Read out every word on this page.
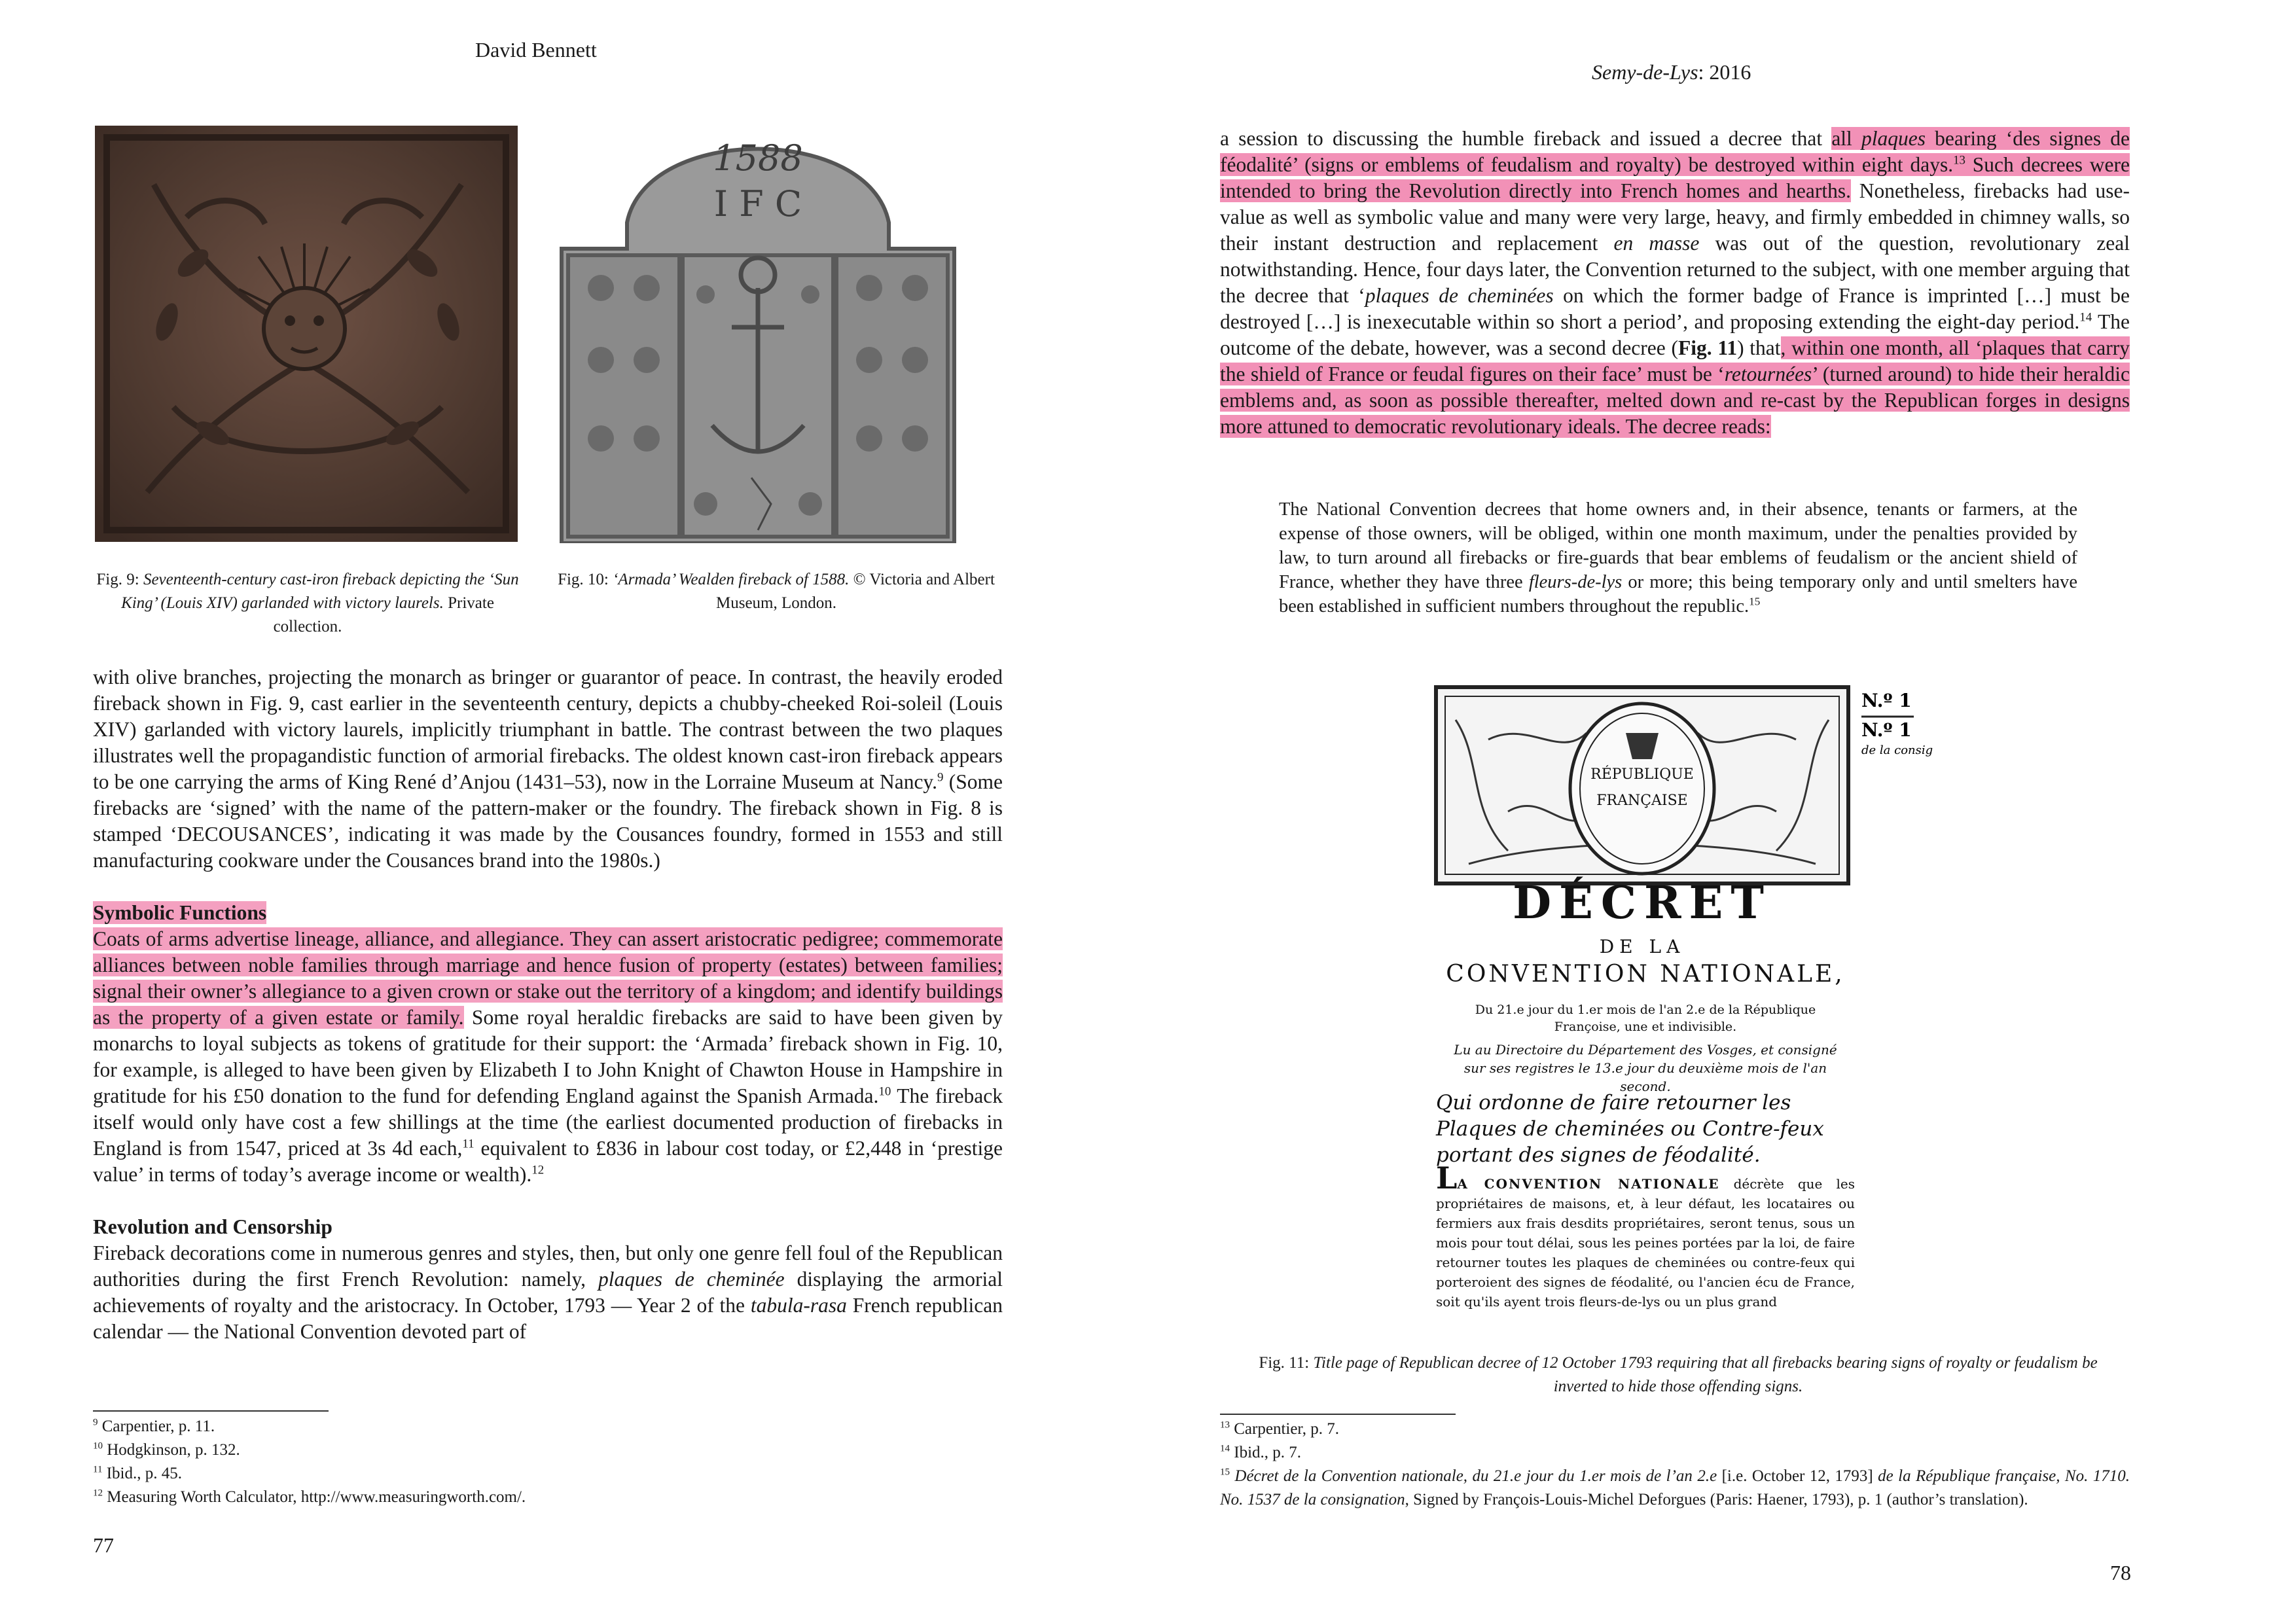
David Bennett
1588
I F C
Fig. 9: Seventeenth-century cast-iron fireback depicting the ‘Sun King’ (Louis XIV) garlanded with victory laurels. Private collection.
Fig. 10: ‘Armada’ Wealden fireback of 1588. © Victoria and Albert Museum, London.

with olive branches, projecting the monarch as bringer or guarantor of peace. In contrast, the heavily eroded fireback shown in Fig. 9, cast earlier in the seventeenth century, depicts a chubby-cheeked Roi-soleil (Louis XIV) garlanded with victory laurels, implicitly triumphant in battle. The contrast between the two plaques illustrates well the propagandistic function of armorial firebacks. The oldest known cast-iron fireback appears to be one carrying the arms of King René d’Anjou (1431–53), now in the Lorraine Museum at Nancy.$^9$ (Some firebacks are ‘signed’ with the name of the pattern-maker or the foundry. The fireback shown in Fig. 8 is stamped ‘DECOUSANCES’, indicating it was made by the Cousances foundry, formed in 1553 and still manufacturing cookware under the Cousances brand into the 1980s.)

Symbolic Functions

Coats of arms advertise lineage, alliance, and allegiance. They can assert aristocratic pedigree; commemorate alliances between noble families through marriage and hence fusion of property (estates) between families; signal their owner’s allegiance to a given crown or stake out the territory of a kingdom; and identify buildings as the property of a given estate or family. Some royal heraldic firebacks are said to have been given by monarchs to loyal subjects as tokens of gratitude for their support: the ‘Armada’ fireback shown in Fig. 10, for example, is alleged to have been given by Elizabeth I to John Knight of Chawton House in Hampshire in gratitude for his £50 donation to the fund for defending England against the Spanish Armada.$^{10}$ The fireback itself would only have cost a few shillings at the time (the earliest documented production of firebacks in England is from 1547, priced at 3s 4d each,$^{11}$ equivalent to £836 in labour cost today, or £2,448 in ‘prestige value’ in terms of today’s average income or wealth).$^{12}$

Revolution and Censorship

Fireback decorations come in numerous genres and styles, then, but only one genre fell foul of the Republican authorities during the first French Revolution: namely, plaques de cheminée displaying the armorial achievements of royalty and the aristocracy. In October, 1793 — Year 2 of the tabula-rasa French republican calendar — the National Convention devoted part of

$^9$ Carpentier, p. 11.
$^{10}$ Hodgkinson, p. 132.
$^{11}$ Ibid., p. 45.
$^{12}$ Measuring Worth Calculator, http://www.measuringworth.com/.
77
Semy-de-Lys: 2016

a session to discussing the humble fireback and issued a decree that all plaques bearing ‘des signes de féodalité’ (signs or emblems of feudalism and royalty) be destroyed within eight days.$^{13}$ Such decrees were intended to bring the Revolution directly into French homes and hearths. Nonetheless, firebacks had use-value as well as symbolic value and many were very large, heavy, and firmly embedded in chimney walls, so their instant destruction and replacement en masse was out of the question, revolutionary zeal notwithstanding. Hence, four days later, the Convention returned to the subject, with one member arguing that the decree that ‘plaques de cheminées on which the former badge of France is imprinted […] must be destroyed […] is inexecutable within so short a period’, and proposing extending the eight-day period.$^{14}$ The outcome of the debate, however, was a second decree (Fig. 11) that, within one month, all ‘plaques that carry the shield of France or feudal figures on their face’ must be ‘retournées’ (turned around) to hide their heraldic emblems and, as soon as possible thereafter, melted down and re-cast by the Republican forges in designs more attuned to democratic revolutionary ideals. The decree reads:

The National Convention decrees that home owners and, in their absence, tenants or farmers, at the expense of those owners, will be obliged, within one month maximum, under the penalties provided by law, to turn around all firebacks or fire-guards that bear emblems of feudalism or the ancient shield of France, whether they have three fleurs-de-lys or more; this being temporary only and until smelters have been established in sufficient numbers throughout the republic.$^{15}$
RÉPUBLIQUE
FRANÇAISE
N.º 1
N.º 1
de la consig
DÉCRET
DE LA
CONVENTION NATIONALE,
Du 21.e jour du 1.er mois de l'an 2.e de la République Françoise, une et indivisible.
Lu au Directoire du Département des Vosges, et consigné sur ses registres le 13.e jour du deuxième mois de l'an second.
Qui ordonne de faire retourner les Plaques de cheminées ou Contre-feux portant des signes de féodalité.
LA CONVENTION NATIONALE décrète que les propriétaires de maisons, et, à leur défaut, les locataires ou fermiers aux frais desdits propriétaires, seront tenus, sous un mois pour tout délai, sous les peines portées par la loi, de faire retourner toutes les plaques de cheminées ou contre-feux qui porteroient des signes de féodalité, ou l'ancien écu de France, soit qu'ils ayent trois fleurs-de-lys ou un plus grand
Fig. 11: Title page of Republican decree of 12 October 1793 requiring that all firebacks bearing signs of royalty or feudalism be inverted to hide those offending signs.
$^{13}$ Carpentier, p. 7.
$^{14}$ Ibid., p. 7.
$^{15}$ Décret de la Convention nationale, du 21.e jour du 1.er mois de l’an 2.e [i.e. October 12, 1793] de la République française, No. 1710. No. 1537 de la consignation, Signed by François-Louis-Michel Deforgues (Paris: Haener, 1793), p. 1 (author’s translation).
78
